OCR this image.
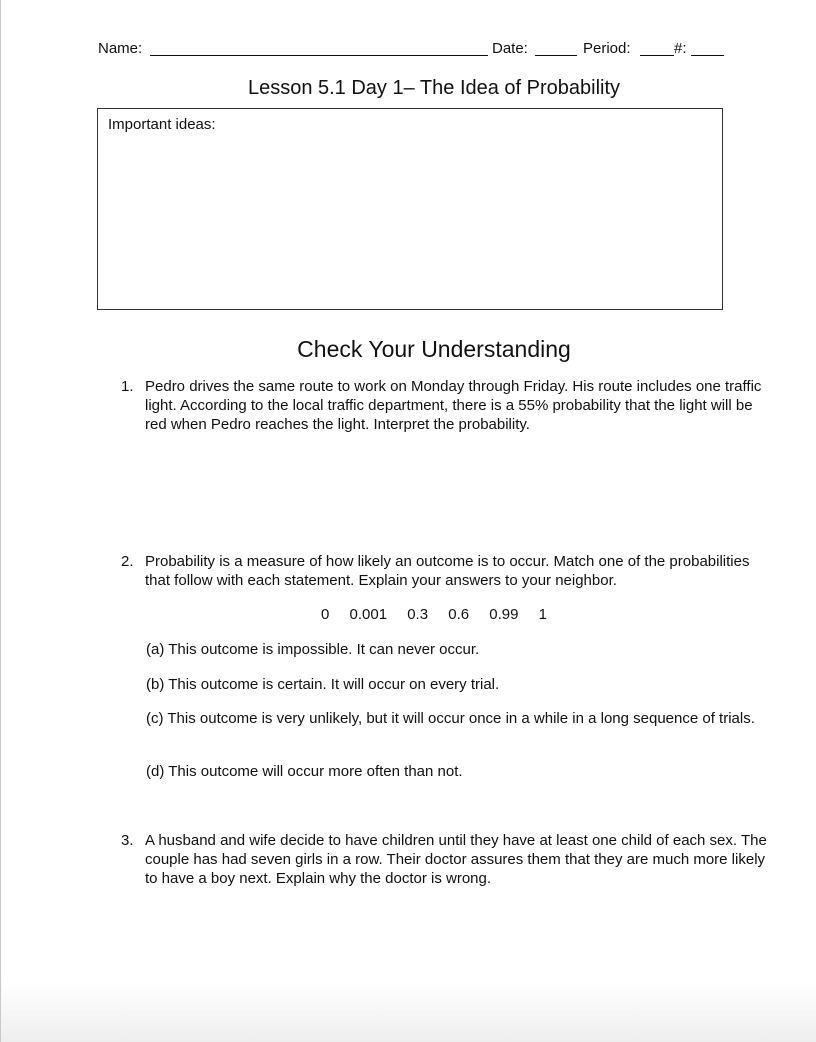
Name:	Date:	Period:	#:
Lesson 5.1 Day 1– The Idea of Probability
Important ideas:
Check Your Understanding
1. Pedro drives the same route to work on Monday through Friday. His route includes one traffic light. According to the local traffic department, there is a 55% probability that the light will be red when Pedro reaches the light. Interpret the probability.
2. Probability is a measure of how likely an outcome is to occur. Match one of the probabilities that follow with each statement. Explain your answers to your neighbor.
0 0.001 0.3 0.6 0.99 1
(a) This outcome is impossible. It can never occur.
(b) This outcome is certain. It will occur on every trial.
(c) This outcome is very unlikely, but it will occur once in a while in a long sequence of trials.
(d) This outcome will occur more often than not.
3. A husband and wife decide to have children until they have at least one child of each sex. The couple has had seven girls in a row. Their doctor assures them that they are much more likely to have a boy next. Explain why the doctor is wrong.
